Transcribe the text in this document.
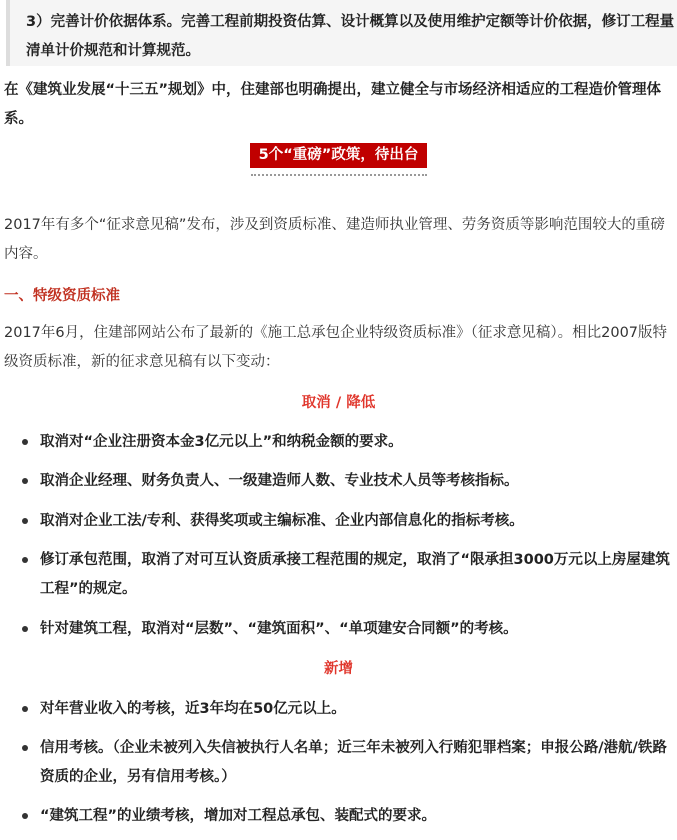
3）完善计价依据体系。完善工程前期投资估算、设计概算以及使用维护定额等计价依据，修订工程量清单计价规范和计算规范。
在《建筑业发展“十三五”规划》中，住建部也明确提出，建立健全与市场经济相适应的工程造价管理体系。
5个“重磅”政策，待出台
2017年有多个“征求意见稿”发布，涉及到资质标准、建造师执业管理、劳务资质等影响范围较大的重磅内容。
一、特级资质标准
2017年6月，住建部网站公布了最新的《施工总承包企业特级资质标准》（征求意见稿）。相比2007版特级资质标准，新的征求意见稿有以下变动：
取消 / 降低
取消对“企业注册资本金3亿元以上”和纳税金额的要求。
取消企业经理、财务负责人、一级建造师人数、专业技术人员等考核指标。
取消对企业工法/专利、获得奖项或主编标准、企业内部信息化的指标考核。
修订承包范围，取消了对可互认资质承接工程范围的规定，取消了“限承担3000万元以上房屋建筑工程”的规定。
针对建筑工程，取消对“层数”、“建筑面积”、“单项建安合同额”的考核。
新增
对年营业收入的考核，近3年均在50亿元以上。
信用考核。（企业未被列入失信被执行人名单；近三年未被列入行贿犯罪档案；申报公路/港航/铁路资质的企业，另有信用考核。）
“建筑工程”的业绩考核，增加对工程总承包、装配式的要求。
